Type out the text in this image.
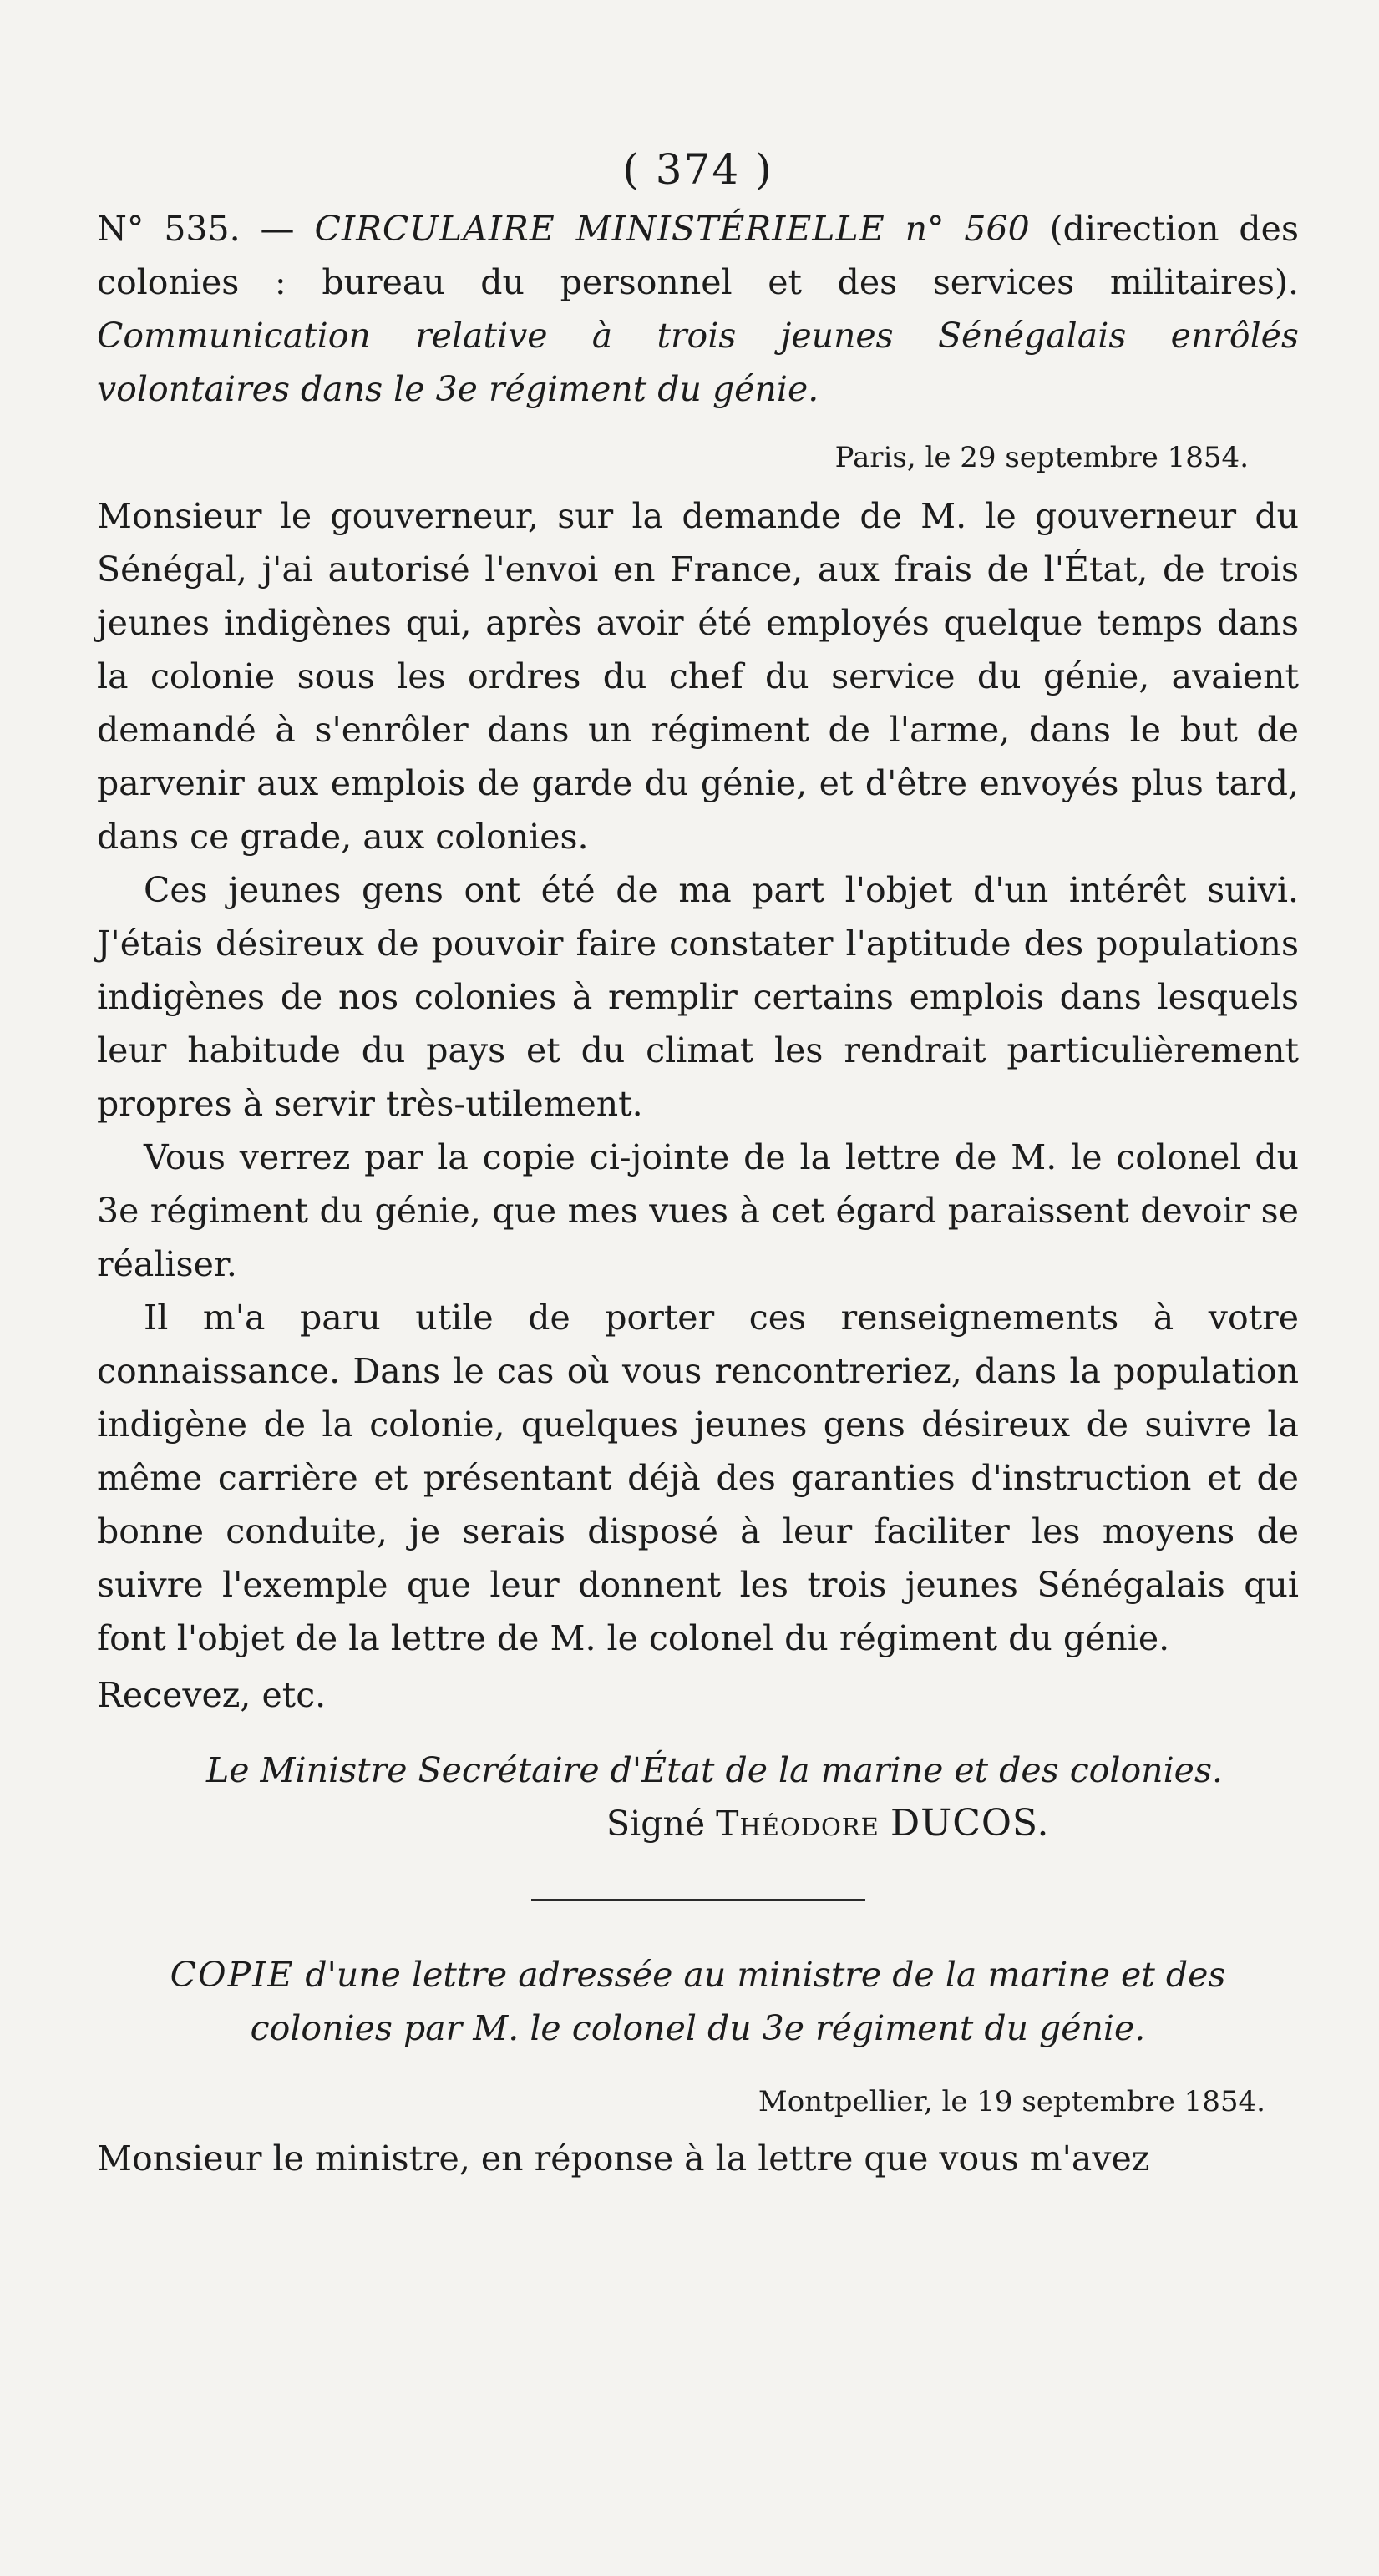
( 374 )

N° 535. — CIRCULAIRE MINISTÉRIELLE n° 560 (direction des colonies : bureau du personnel et des services militaires). Communication relative à trois jeunes Sénégalais enrôlés volontaires dans le 3e régiment du génie.

Paris, le 29 septembre 1854.

Monsieur le gouverneur, sur la demande de M. le gouverneur du Sénégal, j'ai autorisé l'envoi en France, aux frais de l'État, de trois jeunes indigènes qui, après avoir été employés quelque temps dans la colonie sous les ordres du chef du service du génie, avaient demandé à s'enrôler dans un régiment de l'arme, dans le but de parvenir aux emplois de garde du génie, et d'être envoyés plus tard, dans ce grade, aux colonies.

Ces jeunes gens ont été de ma part l'objet d'un intérêt suivi. J'étais désireux de pouvoir faire constater l'aptitude des populations indigènes de nos colonies à remplir certains emplois dans lesquels leur habitude du pays et du climat les rendrait particulièrement propres à servir très-utilement.

Vous verrez par la copie ci-jointe de la lettre de M. le colonel du 3e régiment du génie, que mes vues à cet égard paraissent devoir se réaliser.

Il m'a paru utile de porter ces renseignements à votre connaissance. Dans le cas où vous rencontreriez, dans la population indigène de la colonie, quelques jeunes gens désireux de suivre la même carrière et présentant déjà des garanties d'instruction et de bonne conduite, je serais disposé à leur faciliter les moyens de suivre l'exemple que leur donnent les trois jeunes Sénégalais qui font l'objet de la lettre de M. le colonel du régiment du génie.

Recevez, etc.

Le Ministre Secrétaire d'État de la marine et des colonies.

Signé Théodore DUCOS.

COPIE d'une lettre adressée au ministre de la marine et des colonies par M. le colonel du 3e régiment du génie.

Montpellier, le 19 septembre 1854.

Monsieur le ministre, en réponse à la lettre que vous m'avez
